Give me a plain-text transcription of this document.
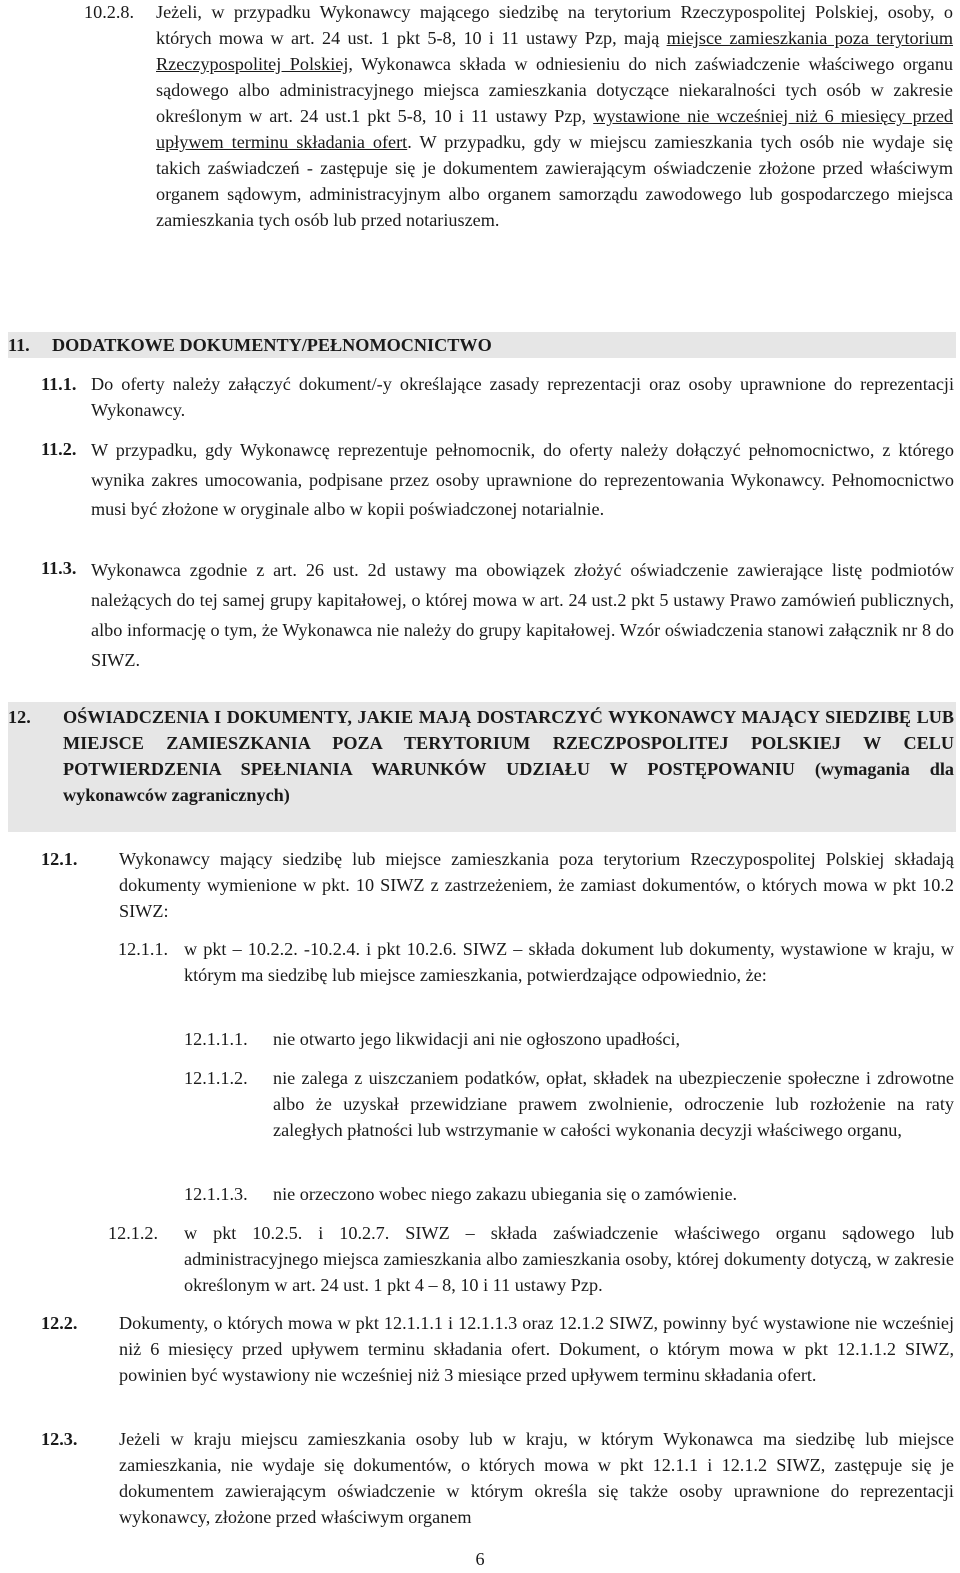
10.2.8.	Jeżeli, w przypadku Wykonawcy mającego siedzibę na terytorium Rzeczypospolitej Polskiej, osoby, o których mowa w art. 24 ust. 1 pkt 5-8, 10 i 11 ustawy Pzp, mają miejsce zamieszkania poza terytorium Rzeczypospolitej Polskiej, Wykonawca składa w odniesieniu do nich zaświadczenie właściwego organu sądowego albo administracyjnego miejsca zamieszkania dotyczące niekaralności tych osób w zakresie określonym w art. 24 ust.1 pkt 5-8, 10 i 11 ustawy Pzp, wystawione nie wcześniej niż 6 miesięcy przed upływem terminu składania ofert. W przypadku, gdy w miejscu zamieszkania tych osób nie wydaje się takich zaświadczeń - zastępuje się je dokumentem zawierającym oświadczenie złożone przed właściwym organem sądowym, administracyjnym albo organem samorządu zawodowego lub gospodarczego miejsca zamieszkania tych osób lub przed notariuszem.
11.	DODATKOWE DOKUMENTY/PEŁNOMOCNICTWO
11.1. Do oferty należy załączyć dokument/-y określające zasady reprezentacji oraz osoby uprawnione do reprezentacji Wykonawcy.
11.2. W przypadku, gdy Wykonawcę reprezentuje pełnomocnik, do oferty należy dołączyć pełnomocnictwo, z którego wynika zakres umocowania, podpisane przez osoby uprawnione do reprezentowania Wykonawcy. Pełnomocnictwo musi być złożone w oryginale albo w kopii poświadczonej notarialnie.
11.3. Wykonawca zgodnie z art. 26 ust. 2d ustawy ma obowiązek złożyć oświadczenie zawierające listę podmiotów należących do tej samej grupy kapitałowej, o której mowa w art. 24 ust.2 pkt 5 ustawy Prawo zamówień publicznych, albo informację o tym, że Wykonawca nie należy do grupy kapitałowej. Wzór oświadczenia stanowi załącznik nr 8 do SIWZ.
12.	OŚWIADCZENIA I DOKUMENTY, JAKIE MAJĄ DOSTARCZYĆ WYKONAWCY MAJĄCY SIEDZIBĘ LUB MIEJSCE ZAMIESZKANIA POZA TERYTORIUM RZECZPOSPOLITEJ POLSKIEJ W CELU POTWIERDZENIA SPEŁNIANIA WARUNKÓW UDZIAŁU W POSTĘPOWANIU (wymagania dla wykonawców zagranicznych)
12.1.	Wykonawcy mający siedzibę lub miejsce zamieszkania poza terytorium Rzeczypospolitej Polskiej składają dokumenty wymienione w pkt. 10 SIWZ z zastrzeżeniem, że zamiast dokumentów, o których mowa w pkt 10.2 SIWZ:
12.1.1. w pkt – 10.2.2. -10.2.4. i pkt 10.2.6. SIWZ – składa dokument lub dokumenty, wystawione w kraju, w którym ma siedzibę lub miejsce zamieszkania, potwierdzające odpowiednio, że:
12.1.1.1.	nie otwarto jego likwidacji ani nie ogłoszono upadłości,
12.1.1.2.	nie zalega z uiszczaniem podatków, opłat, składek na ubezpieczenie społeczne i zdrowotne albo że uzyskał przewidziane prawem zwolnienie, odroczenie lub rozłożenie na raty zaległych płatności lub wstrzymanie w całości wykonania decyzji właściwego organu,
12.1.1.3.	nie orzeczono wobec niego zakazu ubiegania się o zamówienie.
12.1.2.	w pkt 10.2.5. i 10.2.7. SIWZ – składa zaświadczenie właściwego organu sądowego lub administracyjnego miejsca zamieszkania albo zamieszkania osoby, której dokumenty dotyczą, w zakresie określonym w art. 24 ust. 1 pkt 4 – 8, 10 i 11 ustawy Pzp.
12.2.	Dokumenty, o których mowa w pkt 12.1.1.1 i 12.1.1.3 oraz 12.1.2 SIWZ, powinny być wystawione nie wcześniej niż 6 miesięcy przed upływem terminu składania ofert. Dokument, o którym mowa w pkt 12.1.1.2 SIWZ, powinien być wystawiony nie wcześniej niż 3 miesiące przed upływem terminu składania ofert.
12.3.	Jeżeli w kraju miejscu zamieszkania osoby lub w kraju, w którym Wykonawca ma siedzibę lub miejsce zamieszkania, nie wydaje się dokumentów, o których mowa w pkt 12.1.1 i 12.1.2 SIWZ, zastępuje się je dokumentem zawierającym oświadczenie w którym określa się także osoby uprawnione do reprezentacji wykonawcy, złożone przed właściwym organem
6
